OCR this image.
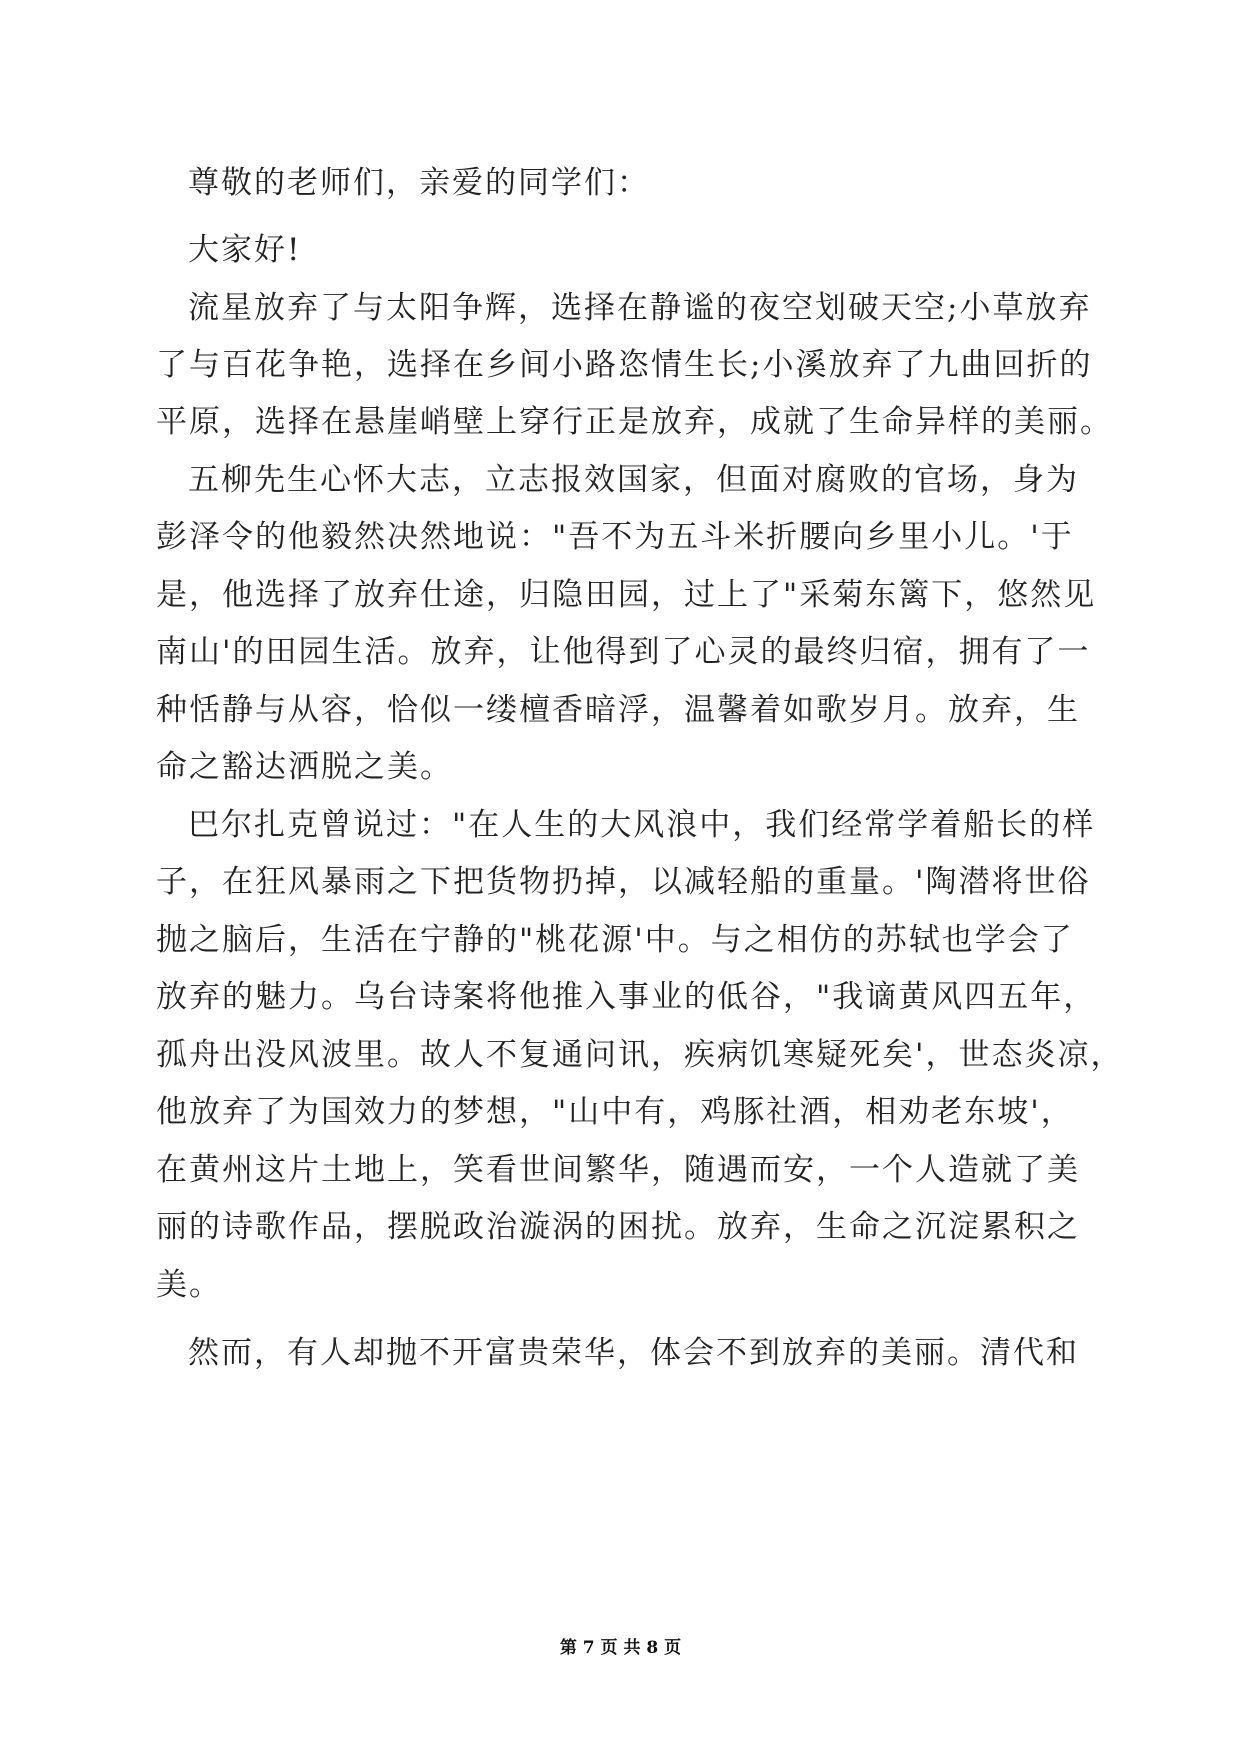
尊敬的老师们，亲爱的同学们：
大家好!
流星放弃了与太阳争辉，选择在静谧的夜空划破天空;小草放弃
了与百花争艳，选择在乡间小路恣情生长;小溪放弃了九曲回折的
平原，选择在悬崖峭壁上穿行正是放弃，成就了生命异样的美丽。
五柳先生心怀大志，立志报效国家，但面对腐败的官场，身为
彭泽令的他毅然决然地说："吾不为五斗米折腰向乡里小儿。'于
是，他选择了放弃仕途，归隐田园，过上了"采菊东篱下，悠然见
南山'的田园生活。放弃，让他得到了心灵的最终归宿，拥有了一
种恬静与从容，恰似一缕檀香暗浮，温馨着如歌岁月。放弃，生
命之豁达洒脱之美。
巴尔扎克曾说过："在人生的大风浪中，我们经常学着船长的样
子，在狂风暴雨之下把货物扔掉，以减轻船的重量。'陶潜将世俗
抛之脑后，生活在宁静的"桃花源'中。与之相仿的苏轼也学会了
放弃的魅力。乌台诗案将他推入事业的低谷，"我谪黄风四五年，
孤舟出没风波里。故人不复通问讯，疾病饥寒疑死矣'，世态炎凉，
他放弃了为国效力的梦想，"山中有，鸡豚社酒，相劝老东坡'，
在黄州这片土地上，笑看世间繁华，随遇而安，一个人造就了美
丽的诗歌作品，摆脱政治漩涡的困扰。放弃，生命之沉淀累积之
美。
然而，有人却抛不开富贵荣华，体会不到放弃的美丽。清代和
第 7 页 共 8 页
